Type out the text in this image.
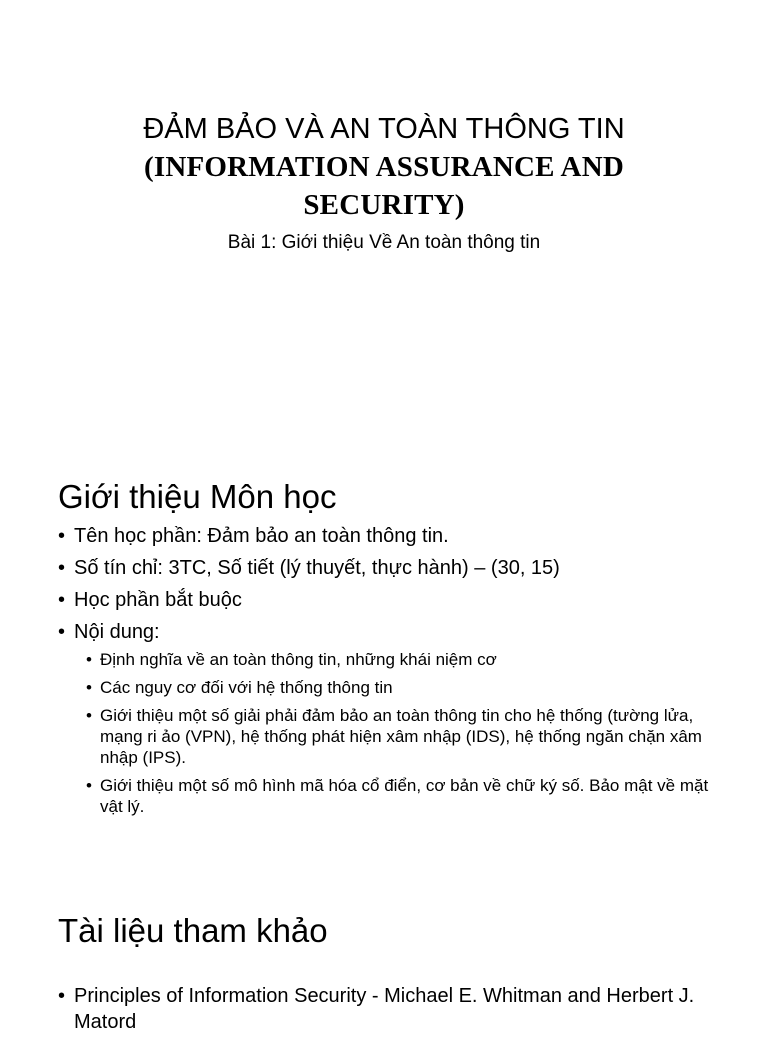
ĐẢM BẢO VÀ AN TOÀN THÔNG TIN
(INFORMATION ASSURANCE AND
SECURITY)
Bài 1: Giới thiệu Về An toàn thông tin
Giới thiệu Môn học
• Tên học phần: Đảm bảo an toàn thông tin.
• Số tín chỉ: 3TC, Số tiết (lý thuyết, thực hành) – (30, 15)
• Học phần bắt buộc
• Nội dung:
• Định nghĩa về an toàn thông tin, những khái niệm cơ
• Các nguy cơ đối với hệ thống thông tin
• Giới thiệu một số giải phải đảm bảo an toàn thông tin cho hệ thống (tường lửa, mạng ri ảo (VPN), hệ thống phát hiện xâm nhập (IDS), hệ thống ngăn chặn xâm nhập (IPS).
• Giới thiệu một số mô hình mã hóa cổ điển, cơ bản về chữ ký số. Bảo mật về mặt vật lý.
Tài liệu tham khảo
• Principles of Information Security - Michael E. Whitman and Herbert J. Matord
